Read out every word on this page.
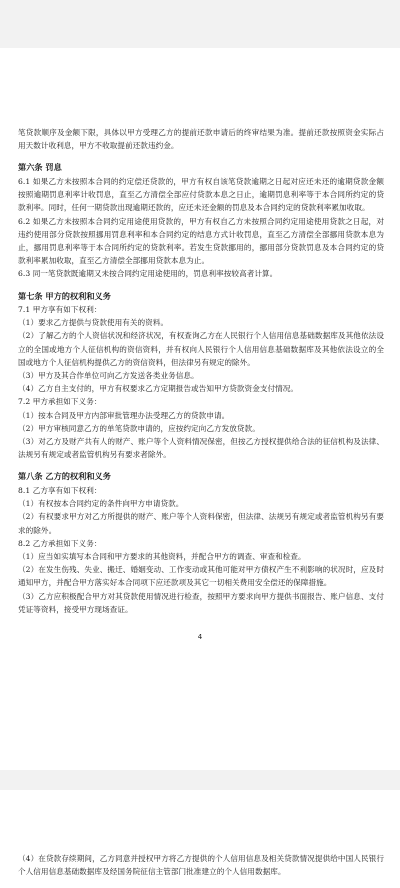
笔贷款顺序及金额下限，具体以甲方受理乙方的提前还款申请后的终审结果为准。提前还款按照资金实际占用天数计收利息，甲方不收取提前还款违约金。

第六条 罚息

6.1 如果乙方未按照本合同的约定偿还贷款的，甲方有权自该笔贷款逾期之日起对应还未还的逾期贷款金额按照逾期罚息利率计收罚息，直至乙方清偿全部应付贷款本息之日止，逾期罚息利率等于本合同所约定的贷款利率。同时，任何一期贷款出现逾期还款的，应还未还金额的罚息及本合同约定的贷款利率累加收取。

6.2 如果乙方未按照本合同约定用途使用贷款的，甲方有权自乙方未按照合同约定用途使用贷款之日起，对违约使用部分贷款按照挪用罚息利率和本合同约定的结息方式计收罚息，直至乙方清偿全部挪用贷款本息为止，挪用罚息利率等于本合同所约定的贷款利率。若发生贷款挪用的，挪用部分贷款罚息及本合同约定的贷款利率累加收取，直至乙方清偿全部挪用贷款本息为止。

6.3 同一笔贷款既逾期又未按合同约定用途使用的，罚息利率按较高者计算。

第七条 甲方的权利和义务

7.1 甲方享有如下权利：

（1）要求乙方提供与贷款使用有关的资料。

（2）了解乙方的个人资信状况和经济状况，有权查询乙方在人民银行个人信用信息基础数据库及其他依法设立的全国或地方个人征信机构的资信资料，并有权向人民银行个人信用信息基础数据库及其他依法设立的全国或地方个人征信机构提供乙方的资信资料，但法律另有规定的除外。

（3）甲方及其合作单位可向乙方发送各类业务信息。

（4）乙方自主支付的，甲方有权要求乙方定期报告或告知甲方贷款资金支付情况。

7.2 甲方承担如下义务：

（1）按本合同及甲方内部审批管理办法受理乙方的贷款申请。

（2）甲方审核同意乙方的单笔贷款申请的，应按约定向乙方发放贷款。

（3）对乙方及财产共有人的财产、账户等个人资料情况保密，但按乙方授权提供给合法的征信机构及法律、法规另有规定或者监管机构另有要求者除外。

第八条 乙方的权利和义务

8.1 乙方享有如下权利：

（1）有权按本合同约定的条件向甲方申请贷款。

（2）有权要求甲方对乙方所提供的财产、账户等个人资料保密，但法律、法规另有规定或者监管机构另有要求的除外。

8.2 乙方承担如下义务：

（1）应当如实填写本合同和甲方要求的其他资料，并配合甲方的调查、审查和检查。

（2）在发生伤残、失业、搬迁、婚姻变动、工作变动或其他可能对甲方债权产生不利影响的状况时，应及时通知甲方，并配合甲方落实好本合同项下应还款项及其它一切相关费用安全偿还的保障措施。

（3）乙方应积极配合甲方对其贷款使用情况进行检查，按照甲方要求向甲方提供书面报告、账户信息、支付凭证等资料，接受甲方现场查证。

4

（4）在贷款存续期间，乙方同意并授权甲方将乙方提供的个人信用信息及相关贷款情况提供给中国人民银行个人信用信息基础数据库及经国务院征信主管部门批准建立的个人信用数据库。
